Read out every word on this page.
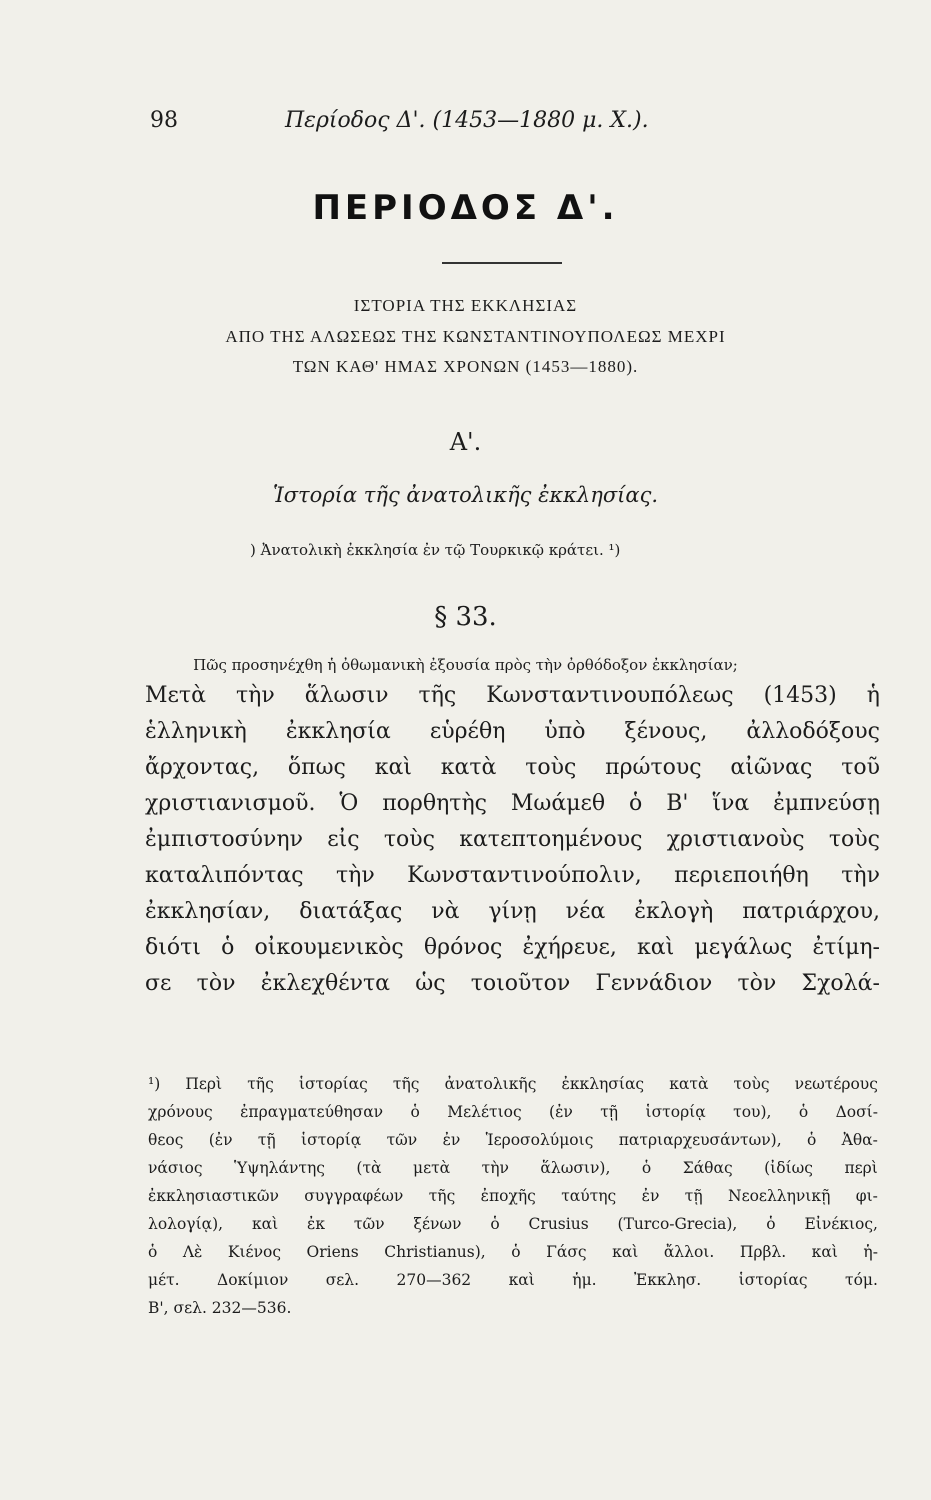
98	Περίοδος Δ'. (1453—1880 μ. Χ.).
ΠΕΡΙΟΔΟΣ Δ'.
ΙΣΤΟΡΙΑ ΤΗΣ ΕΚΚΛΗΣΙΑΣ
ΑΠΟ ΤΗΣ ΑΛΩΣΕΩΣ ΤΗΣ ΚΩΝΣΤΑΝΤΙΝΟΥΠΟΛΕΩΣ ΜΕΧΡΙ
ΤΩΝ ΚΑΘ' ΗΜΑΣ ΧΡΟΝΩΝ (1453—1880).
Α'.
Ἱστορία τῆς ἀνατολικῆς ἐκκλησίας.
) Ἀνατολικὴ ἐκκλησία ἐν τῷ Τουρκικῷ κράτει. ¹)
§ 33.
Πῶς προσηνέχθη ἡ ὀθωμανικὴ ἐξουσία πρὸς τὴν ὀρθόδοξον ἐκκλησίαν;
Μετὰ τὴν ἅλωσιν τῆς Κωνσταντινουπόλεως (1453) ἡ
ἑλληνικὴ ἐκκλησία εὑρέθη ὑπὸ ξένους, ἀλλοδόξους
ἄρχοντας, ὅπως καὶ κατὰ τοὺς πρώτους αἰῶνας τοῦ
χριστιανισμοῦ. Ὁ πορθητὴς Μωάμεθ ὁ Β' ἵνα ἐμπνεύσῃ
ἐμπιστοσύνην εἰς τοὺς κατεπτοημένους χριστιανοὺς τοὺς
καταλιπόντας τὴν Κωνσταντινούπολιν, περιεποιήθη τὴν
ἐκκλησίαν, διατάξας νὰ γίνῃ νέα ἐκλογὴ πατριάρχου,
διότι ὁ οἰκουμενικὸς θρόνος ἐχήρευε, καὶ μεγάλως ἐτίμη-
σε τὸν ἐκλεχθέντα ὡς τοιοῦτον Γεννάδιον τὸν Σχολά-
¹) Περὶ τῆς ἱστορίας τῆς ἀνατολικῆς ἐκκλησίας κατὰ τοὺς νεωτέρους
χρόνους ἐπραγματεύθησαν ὁ Μελέτιος (ἐν τῇ ἱστορίᾳ του), ὁ Δοσί-
θεος (ἐν τῇ ἱστορίᾳ τῶν ἐν Ἱεροσολύμοις πατριαρχευσάντων), ὁ Ἀθα-
νάσιος Ὑψηλάντης (τὰ μετὰ τὴν ἅλωσιν), ὁ Σάθας (ἰδίως περὶ
ἐκκλησιαστικῶν συγγραφέων τῆς ἐποχῆς ταύτης ἐν τῇ Νεοελληνικῇ φι-
λολογίᾳ), καὶ ἐκ τῶν ξένων ὁ Crusius (Turco-Grecia), ὁ Εἰνέκιος,
ὁ Λὲ Κιένος Oriens Christianus), ὁ Γάσς καὶ ἄλλοι. Πρβλ. καὶ ἡ-
μέτ. Δοκίμιον σελ. 270—362 καὶ ἡμ. Ἐκκλησ. ἱστορίας τόμ.
Β', σελ. 232—536.
